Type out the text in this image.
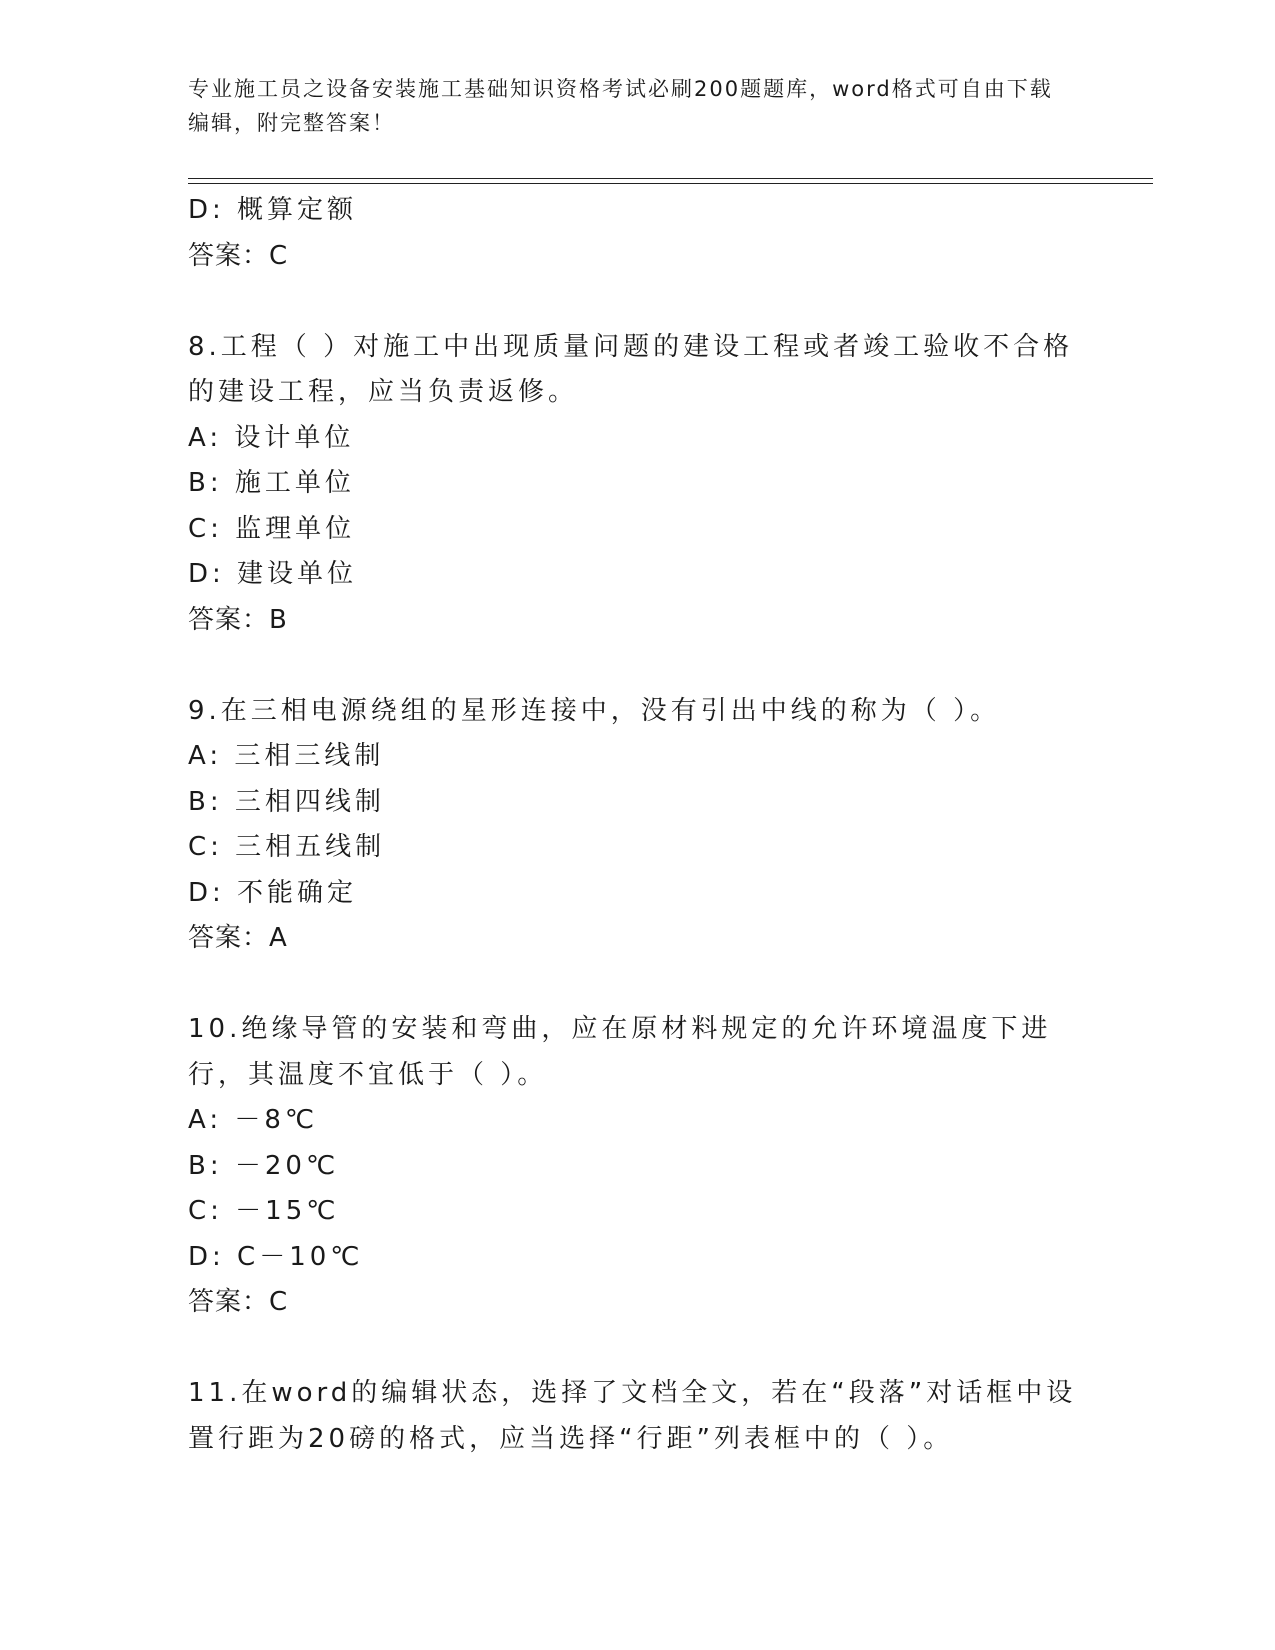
专业施工员之设备安装施工基础知识资格考试必刷200题题库，word格式可自由下载编辑，附完整答案！
D: 概算定额
答案：C
8.工程（ ）对施工中出现质量问题的建设工程或者竣工验收不合格的建设工程，应当负责返修。
A: 设计单位
B: 施工单位
C: 监理单位
D: 建设单位
答案：B
9.在三相电源绕组的星形连接中，没有引出中线的称为（ ）。
A: 三相三线制
B: 三相四线制
C: 三相五线制
D: 不能确定
答案：A
10.绝缘导管的安装和弯曲，应在原材料规定的允许环境温度下进行，其温度不宜低于（ ）。
A: －8℃
B: －20℃
C: －15℃
D: C－10℃
答案：C
11.在word的编辑状态，选择了文档全文，若在“段落”对话框中设置行距为20磅的格式，应当选择“行距”列表框中的（ ）。
